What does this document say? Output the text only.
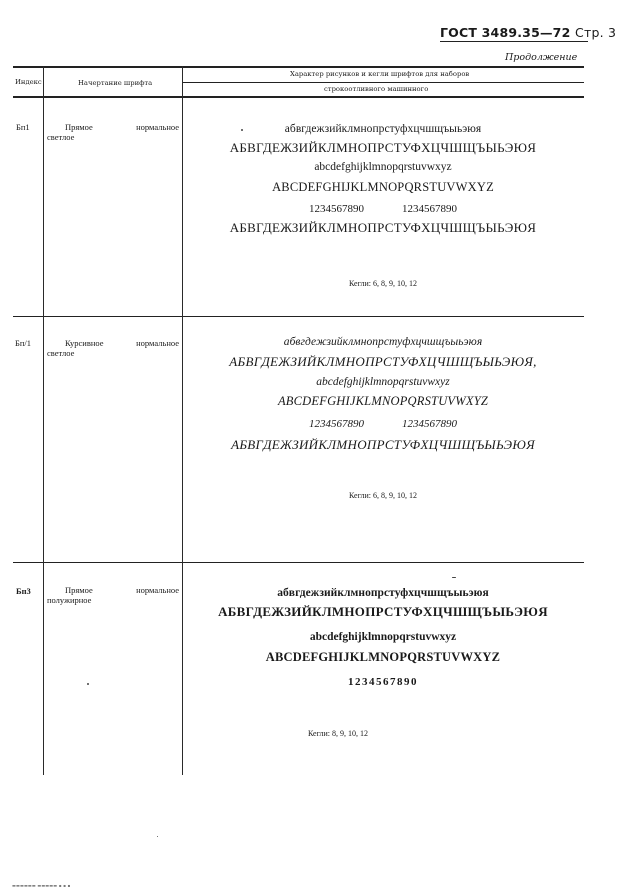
ГОСТ 3489.35—72 Стр. 3
Продолжение
Индекс	Начертание шрифта
Характер рисунков и кегли шрифтов для наборов
строкоотливного машинного
Бп1	Прямое	нормальное
светлое
абвгдежзийклмнопрстуфхцчшщъыьэюя
АБВГДЕЖЗИЙКЛМНОПРСТУФХЦЧШЩЪЫЬЭЮЯ
abcdefghijklmnopqrstuvwxyz
ABCDEFGHIJKLMNOPQRSTUVWXYZ
1234567890	1234567890
АБВГДЕЖЗИЙКЛМНОПРСТУФХЦЧШЩЪЫЬЭЮЯ
Кегли: 6, 8, 9, 10, 12
Бп/1	Курсивное	нормальное
светлое
абвгдежзийклмнопрстуфхцчшщъыьэюя
АБВГДЕЖЗИЙКЛМНОПРСТУФХЦЧШЩЪЫЬЭЮЯ,
abcdefghijklmnopqrstuvwxyz
ABCDEFGHIJKLMNOPQRSTUVWXYZ
1234567890	1234567890
АБВГДЕЖЗИЙКЛМНОПРСТУФХЦЧШЩЪЫЬЭЮЯ
Кегли: 6, 8, 9, 10, 12
Бп3	Прямое	нормальное
полужирное
абвгдежзийклмнопрстуфхцчшщъыьэюя
АБВГДЕЖЗИЙКЛМНОПРСТУФХЦЧШЩЪЫЬЭЮЯ
abcdefghijklmnopqrstuvwxyz
ABCDEFGHIJKLMNOPQRSTUVWXYZ
1234567890
Кегли: 8, 9, 10, 12
▬▬▬▬▬▬ ▬▬▬▬▬ ▪ ▪ ▪
